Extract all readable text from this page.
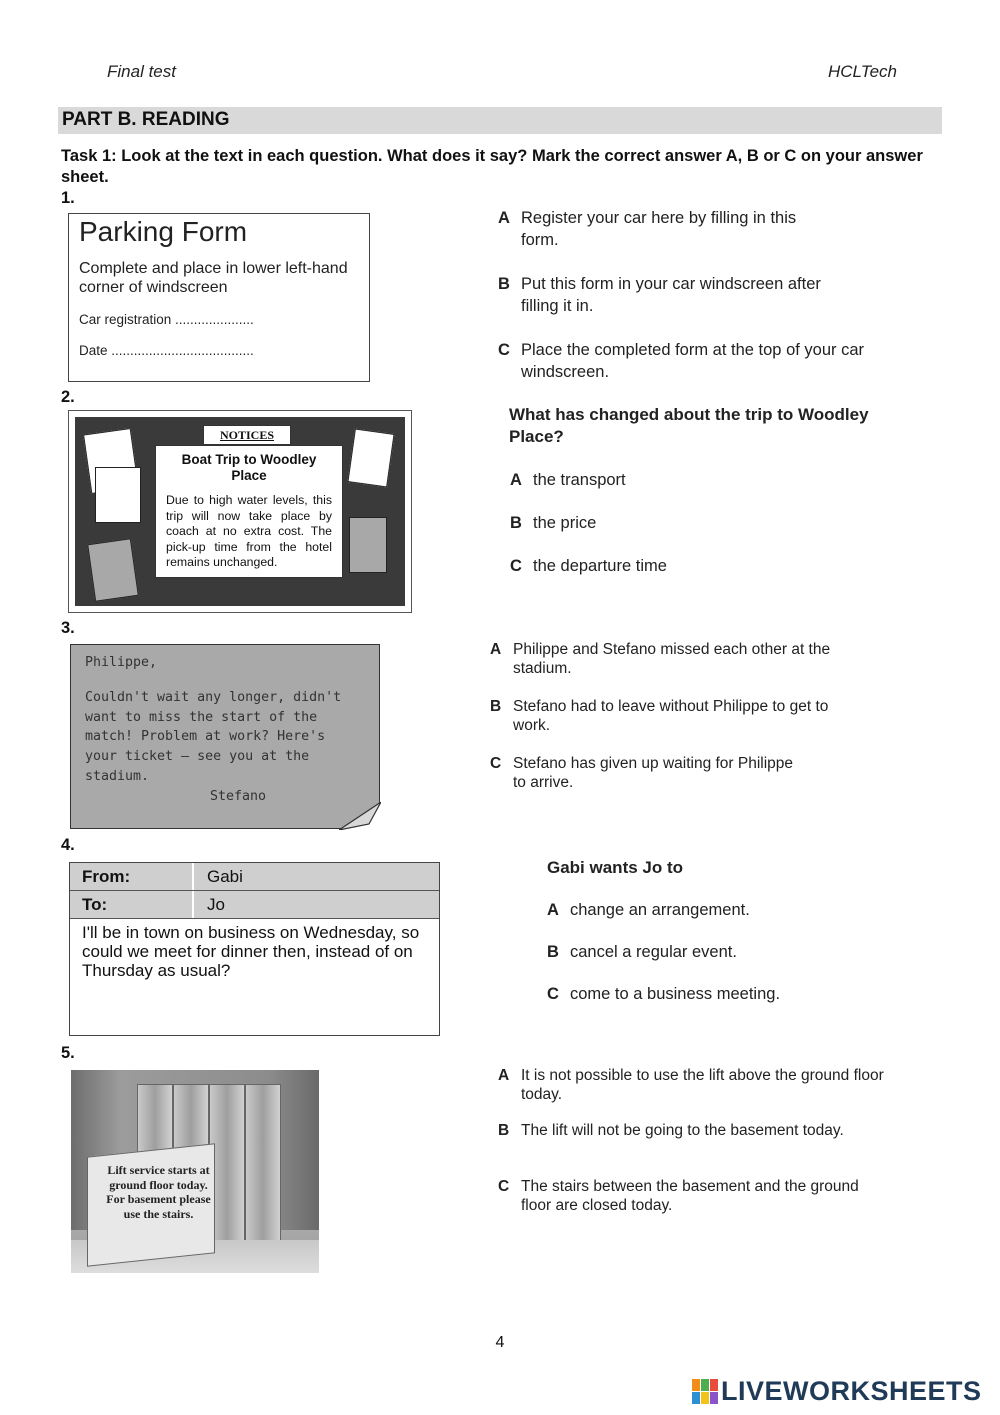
Final test	HCLTech
PART B. READING
Task 1: Look at the text in each question. What does it say? Mark the correct answer A, B or C on your answer sheet.
1.
Parking Form
Complete and place in lower left-hand corner of windscreen
Car registration .....................
Date ......................................
A Register your car here by filling in this form.
B Put this form in your car windscreen after filling it in.
C Place the completed form at the top of your car windscreen.
2.
NOTICES
Boat Trip to Woodley Place
Due to high water levels, this trip will now take place by coach at no extra cost. The pick-up time from the hotel remains unchanged.
What has changed about the trip to Woodley Place?
A the transport
B the price
C the departure time
3.
Philippe,
Couldn't wait any longer, didn't
want to miss the start of the
match! Problem at work? Here's
your ticket – see you at the
stadium.
Stefano
A Philippe and Stefano missed each other at the stadium.
B Stefano had to leave without Philippe to get to work.
C Stefano has given up waiting for Philippe to arrive.
4.
From:	Gabi
To:	Jo
I'll be in town on business on Wednesday, so could we meet for dinner then, instead of on Thursday as usual?
Gabi wants Jo to
A change an arrangement.
B cancel a regular event.
C come to a business meeting.
5.
Lift service starts at ground floor today. For basement please use the stairs.
A It is not possible to use the lift above the ground floor today.
B The lift will not be going to the basement today.
C The stairs between the basement and the ground floor are closed today.
4
LIVEWORKSHEETS
